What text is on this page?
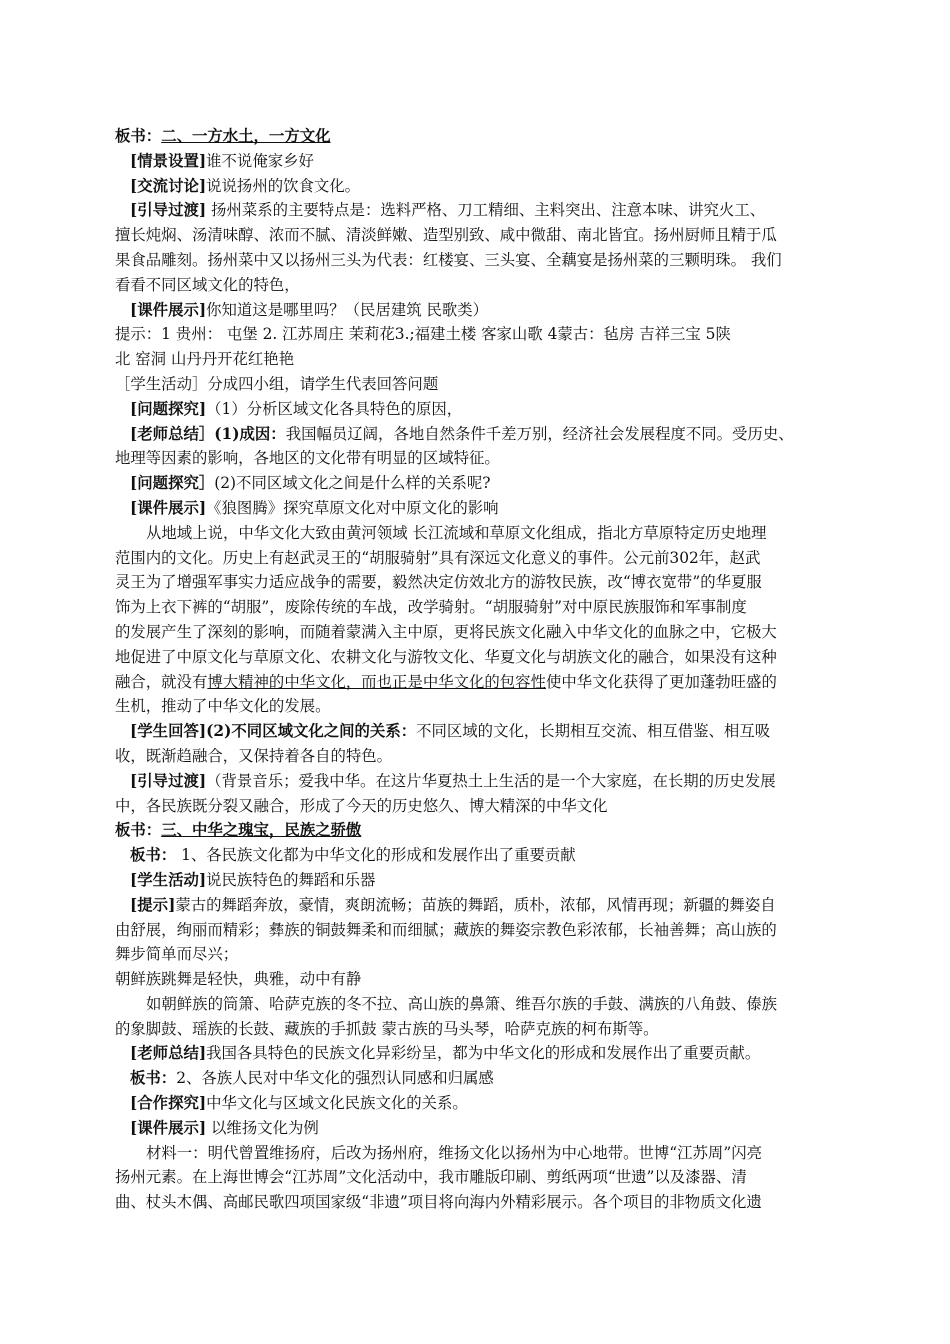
板书：二、一方水土，一方文化
[情景设置]谁不说俺家乡好
[交流讨论]说说扬州的饮食文化。
[引导过渡] 扬州菜系的主要特点是：选料严格、刀工精细、主料突出、注意本味、讲究火工、
擅长炖焖、汤清味醇、浓而不腻、清淡鲜嫩、造型别致、咸中微甜、南北皆宜。扬州厨师且精于瓜
果食品雕刻。扬州菜中又以扬州三头为代表：红楼宴、三头宴、全藕宴是扬州菜的三颗明珠。 我们
看看不同区域文化的特色，
[课件展示]你知道这是哪里吗？（民居建筑 民歌类）
提示：1 贵州： 屯堡 2. 江苏周庄 茉莉花3.;福建土楼 客家山歌 4蒙古：毡房 吉祥三宝 5陕
北 窑洞 山丹丹开花红艳艳
［学生活动］分成四小组，请学生代表回答问题
[问题探究]（1）分析区域文化各具特色的原因，
[老师总结］(1)成因：我国幅员辽阔，各地自然条件千差万别，经济社会发展程度不同。受历史、
地理等因素的影响，各地区的文化带有明显的区域特征。
[问题探究］(2)不同区域文化之间是什么样的关系呢?
[课件展示]《狼图腾》探究草原文化对中原文化的影响
从地域上说，中华文化大致由黄河领域 长江流域和草原文化组成，指北方草原特定历史地理
范围内的文化。历史上有赵武灵王的“胡服骑射”具有深远文化意义的事件。公元前302年，赵武
灵王为了增强军事实力适应战争的需要，毅然决定仿效北方的游牧民族，改“博衣宽带”的华夏服
饰为上衣下裤的“胡服”，废除传统的车战，改学骑射。“胡服骑射”对中原民族服饰和军事制度
的发展产生了深刻的影响，而随着蒙满入主中原，更将民族文化融入中华文化的血脉之中，它极大
地促进了中原文化与草原文化、农耕文化与游牧文化、华夏文化与胡族文化的融合，如果没有这种
融合，就没有博大精神的中华文化，而也正是中华文化的包容性使中华文化获得了更加蓬勃旺盛的
生机，推动了中华文化的发展。
[学生回答](2)不同区域文化之间的关系：不同区域的文化，长期相互交流、相互借鉴、相互吸
收，既渐趋融合，又保持着各自的特色。
[引导过渡]（背景音乐；爱我中华。在这片华夏热土上生活的是一个大家庭，在长期的历史发展
中，各民族既分裂又融合，形成了今天的历史悠久、博大精深的中华文化
板书：三、中华之瑰宝，民族之骄傲
板书： 1、各民族文化都为中华文化的形成和发展作出了重要贡献
[学生活动]说民族特色的舞蹈和乐器
[提示]蒙古的舞蹈奔放，豪情，爽朗流畅；苗族的舞蹈，质朴，浓郁，风情再现；新疆的舞姿自
由舒展，绚丽而精彩；彝族的铜鼓舞柔和而细腻；藏族的舞姿宗教色彩浓郁，长袖善舞；高山族的
舞步简单而尽兴；
朝鲜族跳舞是轻快，典雅，动中有静
如朝鲜族的筒箫、哈萨克族的冬不拉、高山族的鼻箫、维吾尔族的手鼓、满族的八角鼓、傣族
的象脚鼓、瑶族的长鼓、藏族的手抓鼓 蒙古族的马头琴，哈萨克族的柯布斯等。
[老师总结]我国各具特色的民族文化异彩纷呈，都为中华文化的形成和发展作出了重要贡献。
板书：2、各族人民对中华文化的强烈认同感和归属感
[合作探究]中华文化与区域文化民族文化的关系。
[课件展示] 以维扬文化为例
材料一：明代曾置维扬府，后改为扬州府，维扬文化以扬州为中心地带。世博“江苏周”闪亮
扬州元素。在上海世博会“江苏周”文化活动中，我市雕版印刷、剪纸两项“世遗”以及漆器、清
曲、杖头木偶、高邮民歌四项国家级“非遗”项目将向海内外精彩展示。各个项目的非物质文化遗
